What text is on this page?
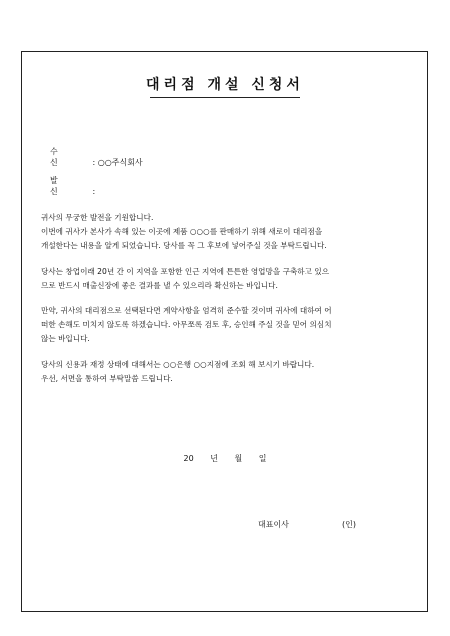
대리점 개설 신청서
수 신	: ○○주식회사
발 신	:

귀사의 무궁한 발전을 기원합니다.

이번에 귀사가 본사가 속해 있는 이곳에 제품 ○○○를 판매하기 위해 새로이 대리점을

개설한다는 내용을 알게 되었습니다. 당사를 꼭 그 후보에 넣어주실 것을 부탁드립니다.

당사는 창업이래 20년 간 이 지역을 포함한 인근 지역에 튼튼한 영업망을 구축하고 있으

므로 반드시 매출신장에 좋은 결과를 낼 수 있으리라 확신하는 바입니다.

만약, 귀사의 대리점으로 선택된다면 계약사항을 엄격히 준수할 것이며 귀사에 대하여 어

떠한 손해도 미치지 않도록 하겠습니다. 아무쪼록 검토 후, 승인해 주실 것을 믿어 의심치

않는 바입니다.

당사의 신용과 재정 상태에 대해서는 ○○은행 ○○지점에 조회 해 보시기 바랍니다.

우선, 서면을 통하여 부탁말씀 드립니다.

20 년 월 일
대표이사	(인)
